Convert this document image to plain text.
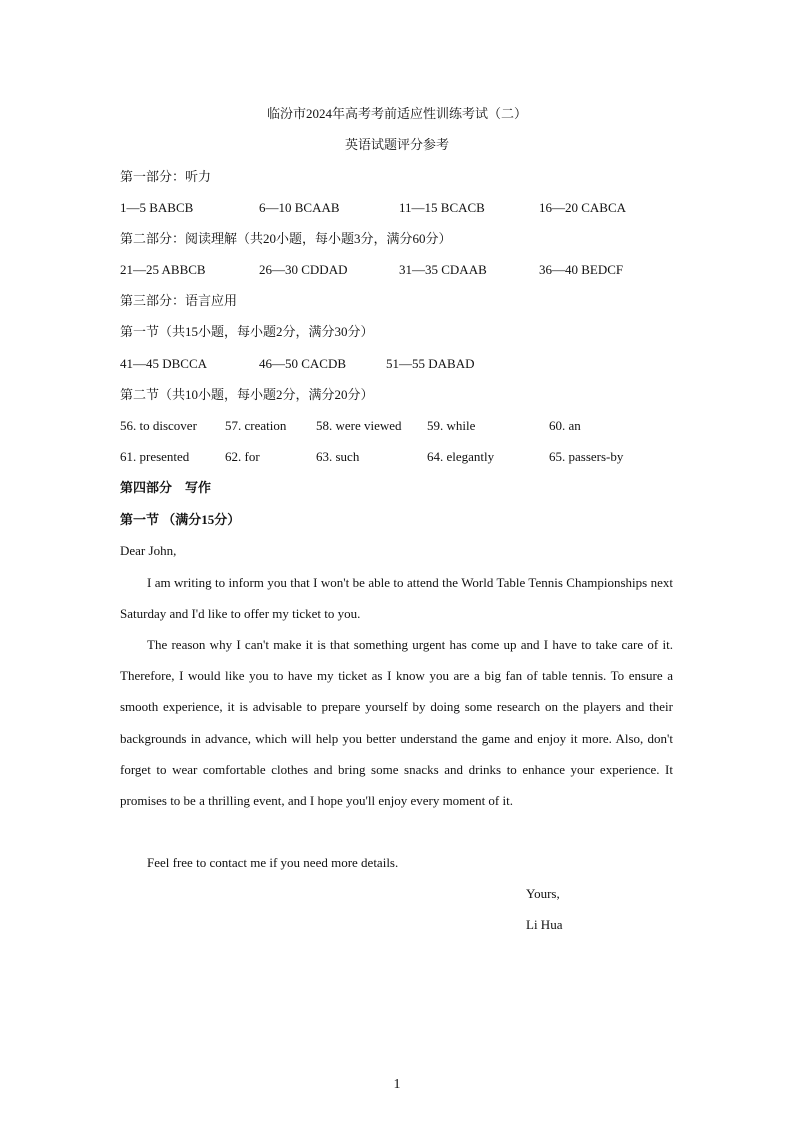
临汾市2024年高考考前适应性训练考试（二）
英语试题评分参考
第一部分：听力
1—5 BABCB	6—10 BCAAB	11—15 BCACB	16—20 CABCA
第二部分：阅读理解（共20小题，每小题3分，满分60分）
21—25 ABBCB	26—30 CDDAD	31—35 CDAAB	36—40 BEDCF
第三部分：语言应用
第一节（共15小题，每小题2分，满分30分）
41—45 DBCCA	46—50 CACDB	51—55 DABAD
第二节（共10小题，每小题2分，满分20分）
56. to discover 57. creation 58. were viewed 59. while	60. an
61. presented	62. for	63. such	64. elegantly	65. passers-by
第四部分　写作
第一节 （满分15分）
Dear John,
I am writing to inform you that I won't be able to attend the World Table Tennis Championships next Saturday and I'd like to offer my ticket to you.
The reason why I can't make it is that something urgent has come up and I have to take care of it. Therefore, I would like you to have my ticket as I know you are a big fan of table tennis. To ensure a smooth experience, it is advisable to prepare yourself by doing some research on the players and their backgrounds in advance, which will help you better understand the game and enjoy it more. Also, don't forget to wear comfortable clothes and bring some snacks and drinks to enhance your experience. It promises to be a thrilling event, and I hope you'll enjoy every moment of it.
Feel free to contact me if you need more details.
Yours,
Li Hua
1
